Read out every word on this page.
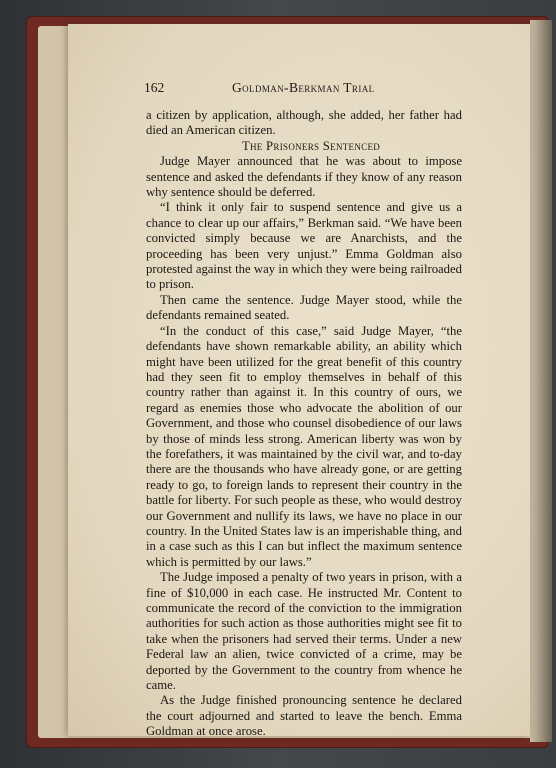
162	Goldman-Berkman Trial

a citizen by application, although, she added, her father had died an American citizen.

The Prisoners Sentenced

Judge Mayer announced that he was about to impose sentence and asked the defendants if they know of any reason why sentence should be deferred.

“I think it only fair to suspend sentence and give us a chance to clear up our affairs,” Berkman said. “We have been convicted simply because we are Anarchists, and the proceeding has been very unjust.” Emma Goldman also protested against the way in which they were being railroaded to prison.

Then came the sentence. Judge Mayer stood, while the defendants remained seated.

“In the conduct of this case,” said Judge Mayer, “the defendants have shown remarkable ability, an ability which might have been utilized for the great benefit of this country had they seen fit to employ themselves in behalf of this country rather than against it. In this country of ours, we regard as enemies those who advocate the abolition of our Government, and those who counsel disobedience of our laws by those of minds less strong. American liberty was won by the forefathers, it was maintained by the civil war, and to-day there are the thousands who have already gone, or are getting ready to go, to foreign lands to represent their country in the battle for liberty. For such people as these, who would destroy our Government and nullify its laws, we have no place in our country. In the United States law is an imperishable thing, and in a case such as this I can but inflect the maximum sentence which is permitted by our laws.”

The Judge imposed a penalty of two years in prison, with a fine of $10,000 in each case. He instructed Mr. Content to communicate the record of the conviction to the immigration authorities for such action as those authorities might see fit to take when the prisoners had served their terms. Under a new Federal law an alien, twice convicted of a crime, may be deported by the Government to the country from whence he came.

As the Judge finished pronouncing sentence he declared the court adjourned and started to leave the bench. Emma Goldman at once arose.
